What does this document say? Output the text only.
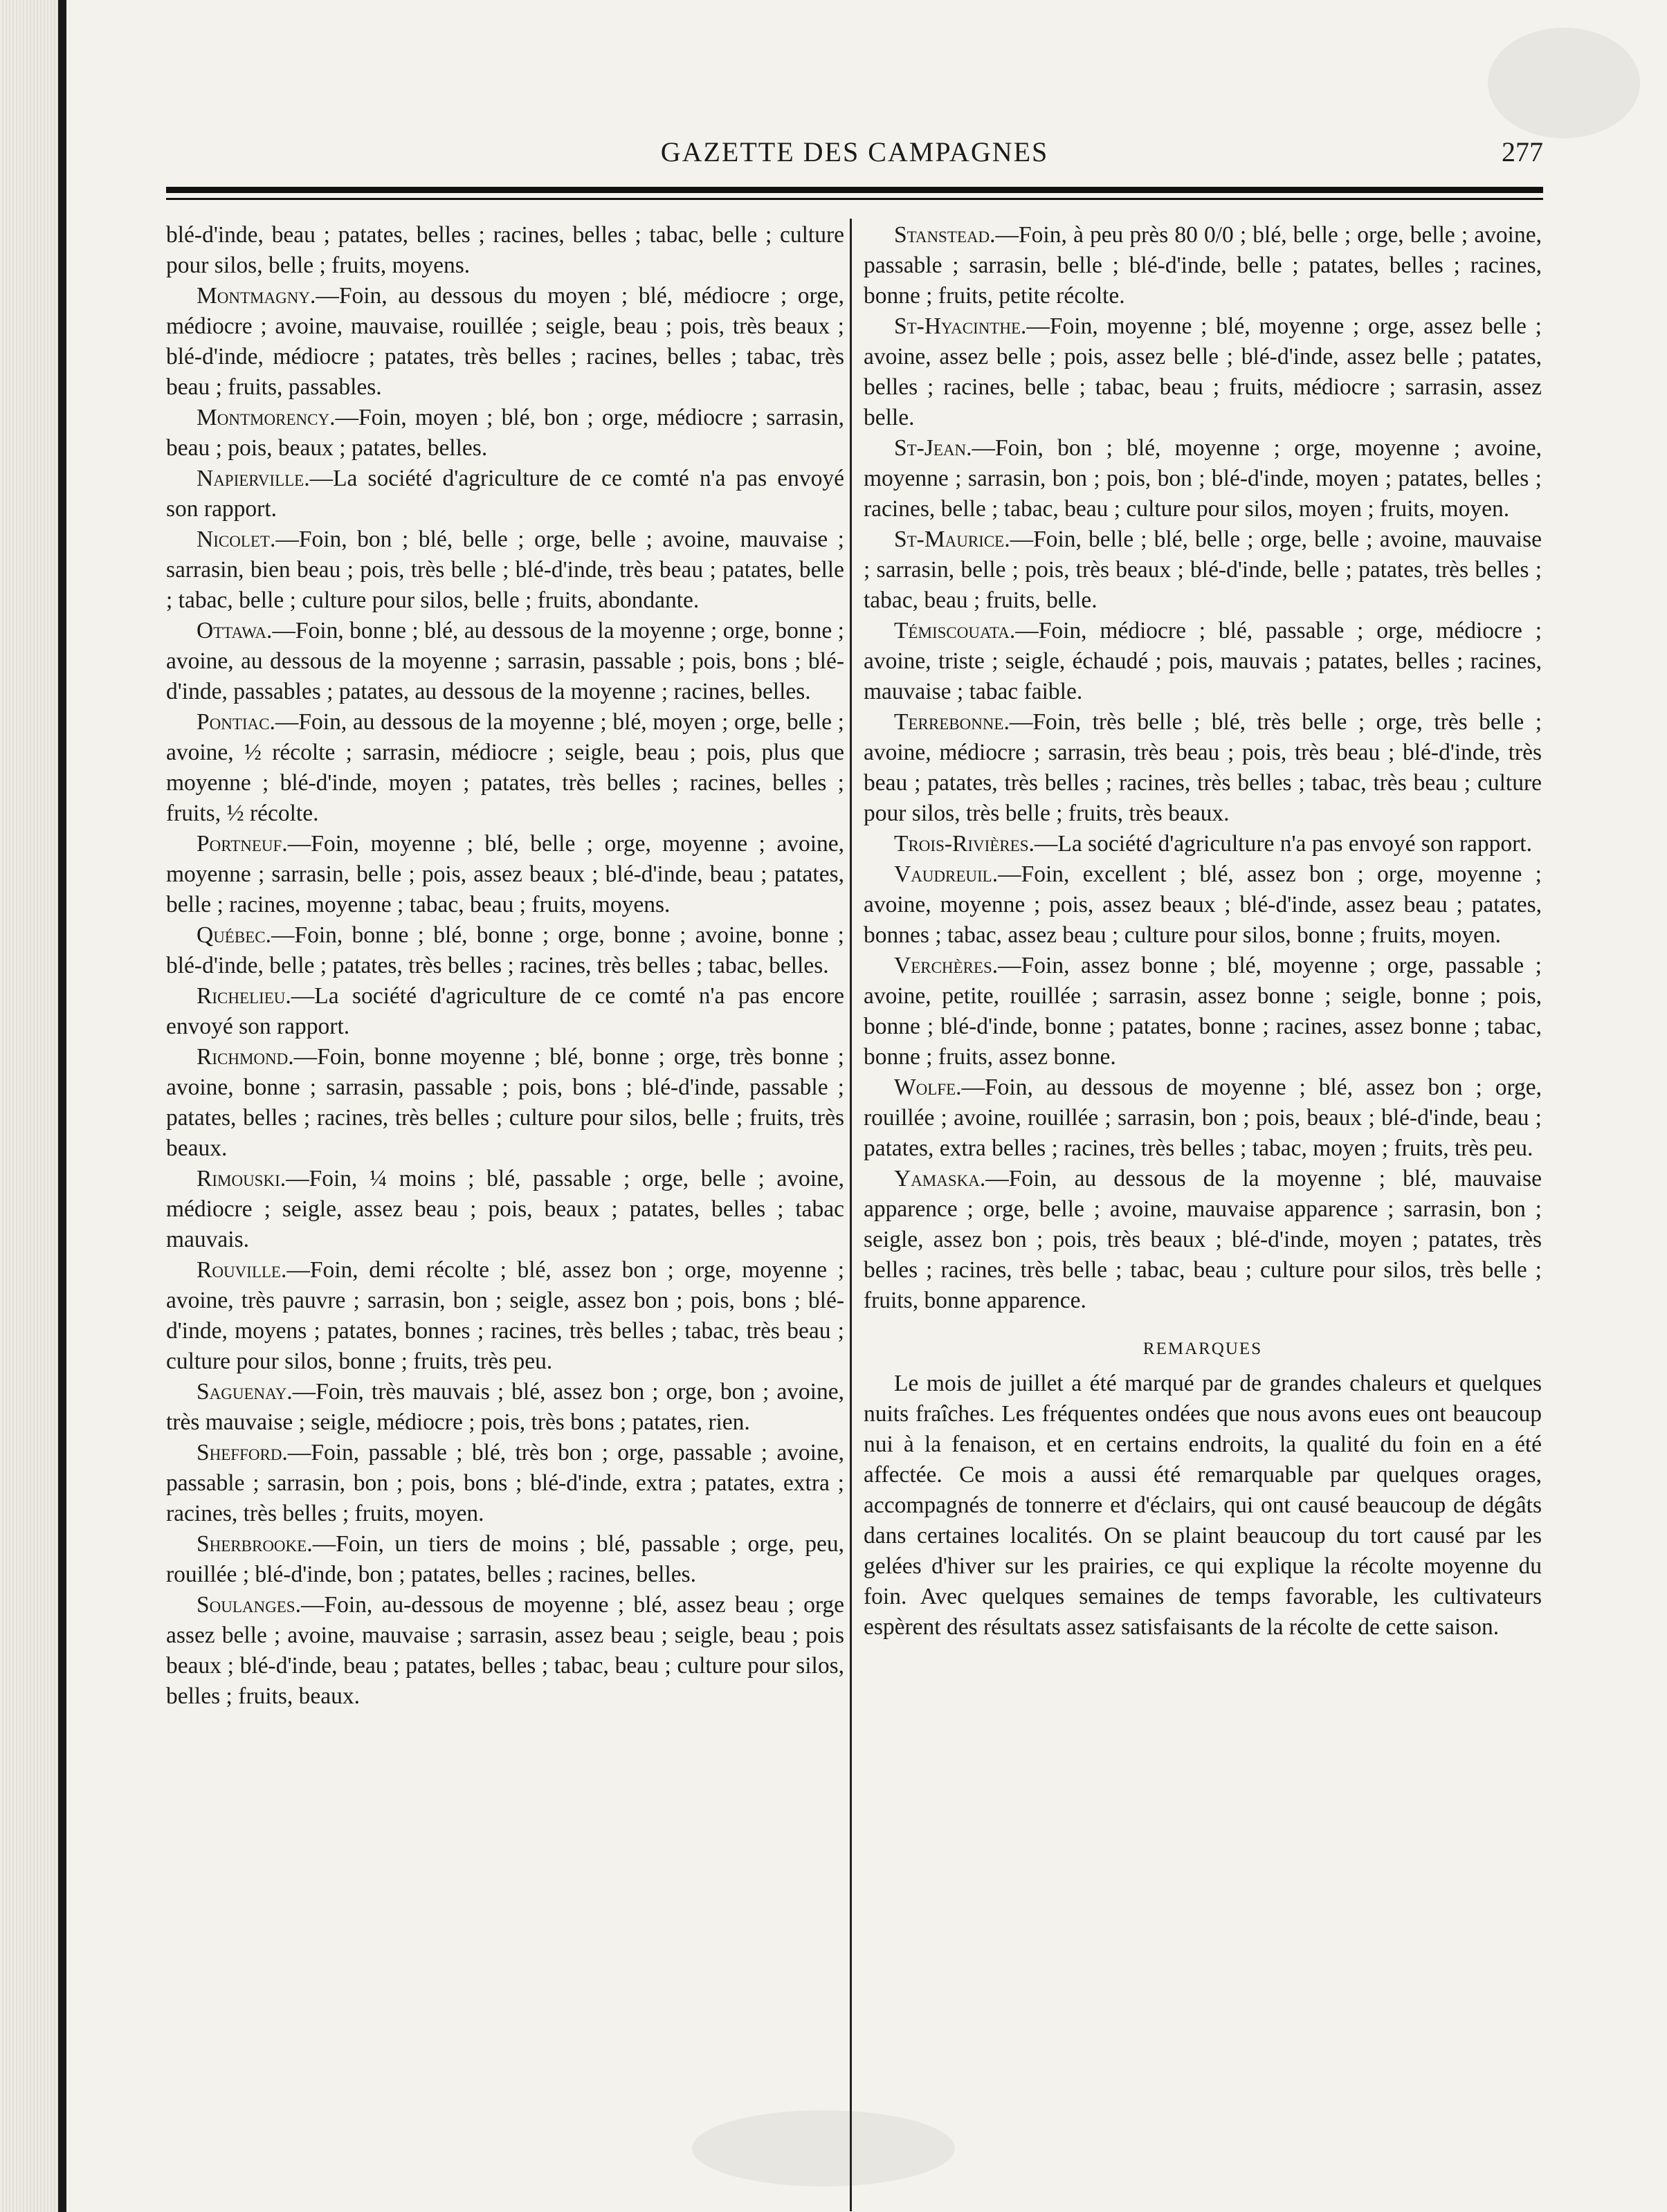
GAZETTE DES CAMPAGNES	277

blé-d'inde, beau ; patates, belles ; racines, belles ; tabac, belle ; culture pour silos, belle ; fruits, moyens.

Montmagny.—Foin, au dessous du moyen ; blé, médiocre ; orge, médiocre ; avoine, mauvaise, rouillée ; seigle, beau ; pois, très beaux ; blé-d'inde, médiocre ; patates, très belles ; racines, belles ; tabac, très beau ; fruits, passables.

Montmorency.—Foin, moyen ; blé, bon ; orge, médiocre ; sarrasin, beau ; pois, beaux ; patates, belles.

Napierville.—La société d'agriculture de ce comté n'a pas envoyé son rapport.

Nicolet.—Foin, bon ; blé, belle ; orge, belle ; avoine, mauvaise ; sarrasin, bien beau ; pois, très belle ; blé-d'inde, très beau ; patates, belle ; tabac, belle ; culture pour silos, belle ; fruits, abondante.

Ottawa.—Foin, bonne ; blé, au dessous de la moyenne ; orge, bonne ; avoine, au dessous de la moyenne ; sarrasin, passable ; pois, bons ; blé-d'inde, passables ; patates, au dessous de la moyenne ; racines, belles.

Pontiac.—Foin, au dessous de la moyenne ; blé, moyen ; orge, belle ; avoine, ½ récolte ; sarrasin, médiocre ; seigle, beau ; pois, plus que moyenne ; blé-d'inde, moyen ; patates, très belles ; racines, belles ; fruits, ½ récolte.

Portneuf.—Foin, moyenne ; blé, belle ; orge, moyenne ; avoine, moyenne ; sarrasin, belle ; pois, assez beaux ; blé-d'inde, beau ; patates, belle ; racines, moyenne ; tabac, beau ; fruits, moyens.

Québec.—Foin, bonne ; blé, bonne ; orge, bonne ; avoine, bonne ; blé-d'inde, belle ; patates, très belles ; racines, très belles ; tabac, belles.

Richelieu.—La société d'agriculture de ce comté n'a pas encore envoyé son rapport.

Richmond.—Foin, bonne moyenne ; blé, bonne ; orge, très bonne ; avoine, bonne ; sarrasin, passable ; pois, bons ; blé-d'inde, passable ; patates, belles ; racines, très belles ; culture pour silos, belle ; fruits, très beaux.

Rimouski.—Foin, ¼ moins ; blé, passable ; orge, belle ; avoine, médiocre ; seigle, assez beau ; pois, beaux ; patates, belles ; tabac mauvais.

Rouville.—Foin, demi récolte ; blé, assez bon ; orge, moyenne ; avoine, très pauvre ; sarrasin, bon ; seigle, assez bon ; pois, bons ; blé-d'inde, moyens ; patates, bonnes ; racines, très belles ; tabac, très beau ; culture pour silos, bonne ; fruits, très peu.

Saguenay.—Foin, très mauvais ; blé, assez bon ; orge, bon ; avoine, très mauvaise ; seigle, médiocre ; pois, très bons ; patates, rien.

Shefford.—Foin, passable ; blé, très bon ; orge, passable ; avoine, passable ; sarrasin, bon ; pois, bons ; blé-d'inde, extra ; patates, extra ; racines, très belles ; fruits, moyen.

Sherbrooke.—Foin, un tiers de moins ; blé, passable ; orge, peu, rouillée ; blé-d'inde, bon ; patates, belles ; racines, belles.

Soulanges.—Foin, au-dessous de moyenne ; blé, assez beau ; orge assez belle ; avoine, mauvaise ; sarrasin, assez beau ; seigle, beau ; pois beaux ; blé-d'inde, beau ; patates, belles ; tabac, beau ; culture pour silos, belles ; fruits, beaux.

Stanstead.—Foin, à peu près 80 0/0 ; blé, belle ; orge, belle ; avoine, passable ; sarrasin, belle ; blé-d'inde, belle ; patates, belles ; racines, bonne ; fruits, petite récolte.

St-Hyacinthe.—Foin, moyenne ; blé, moyenne ; orge, assez belle ; avoine, assez belle ; pois, assez belle ; blé-d'inde, assez belle ; patates, belles ; racines, belle ; tabac, beau ; fruits, médiocre ; sarrasin, assez belle.

St-Jean.—Foin, bon ; blé, moyenne ; orge, moyenne ; avoine, moyenne ; sarrasin, bon ; pois, bon ; blé-d'inde, moyen ; patates, belles ; racines, belle ; tabac, beau ; culture pour silos, moyen ; fruits, moyen.

St-Maurice.—Foin, belle ; blé, belle ; orge, belle ; avoine, mauvaise ; sarrasin, belle ; pois, très beaux ; blé-d'inde, belle ; patates, très belles ; tabac, beau ; fruits, belle.

Témiscouata.—Foin, médiocre ; blé, passable ; orge, médiocre ; avoine, triste ; seigle, échaudé ; pois, mauvais ; patates, belles ; racines, mauvaise ; tabac faible.

Terrebonne.—Foin, très belle ; blé, très belle ; orge, très belle ; avoine, médiocre ; sarrasin, très beau ; pois, très beau ; blé-d'inde, très beau ; patates, très belles ; racines, très belles ; tabac, très beau ; culture pour silos, très belle ; fruits, très beaux.

Trois-Rivières.—La société d'agriculture n'a pas envoyé son rapport.

Vaudreuil.—Foin, excellent ; blé, assez bon ; orge, moyenne ; avoine, moyenne ; pois, assez beaux ; blé-d'inde, assez beau ; patates, bonnes ; tabac, assez beau ; culture pour silos, bonne ; fruits, moyen.

Verchères.—Foin, assez bonne ; blé, moyenne ; orge, passable ; avoine, petite, rouillée ; sarrasin, assez bonne ; seigle, bonne ; pois, bonne ; blé-d'inde, bonne ; patates, bonne ; racines, assez bonne ; tabac, bonne ; fruits, assez bonne.

Wolfe.—Foin, au dessous de moyenne ; blé, assez bon ; orge, rouillée ; avoine, rouillée ; sarrasin, bon ; pois, beaux ; blé-d'inde, beau ; patates, extra belles ; racines, très belles ; tabac, moyen ; fruits, très peu.

Yamaska.—Foin, au dessous de la moyenne ; blé, mauvaise apparence ; orge, belle ; avoine, mauvaise apparence ; sarrasin, bon ; seigle, assez bon ; pois, très beaux ; blé-d'inde, moyen ; patates, très belles ; racines, très belle ; tabac, beau ; culture pour silos, très belle ; fruits, bonne apparence.

REMARQUES

Le mois de juillet a été marqué par de grandes chaleurs et quelques nuits fraîches. Les fréquentes ondées que nous avons eues ont beaucoup nui à la fenaison, et en certains endroits, la qualité du foin en a été affectée. Ce mois a aussi été remarquable par quelques orages, accompagnés de tonnerre et d'éclairs, qui ont causé beaucoup de dégâts dans certaines localités. On se plaint beaucoup du tort causé par les gelées d'hiver sur les prairies, ce qui explique la récolte moyenne du foin. Avec quelques semaines de temps favorable, les cultivateurs espèrent des résultats assez satisfaisants de la récolte de cette saison.
